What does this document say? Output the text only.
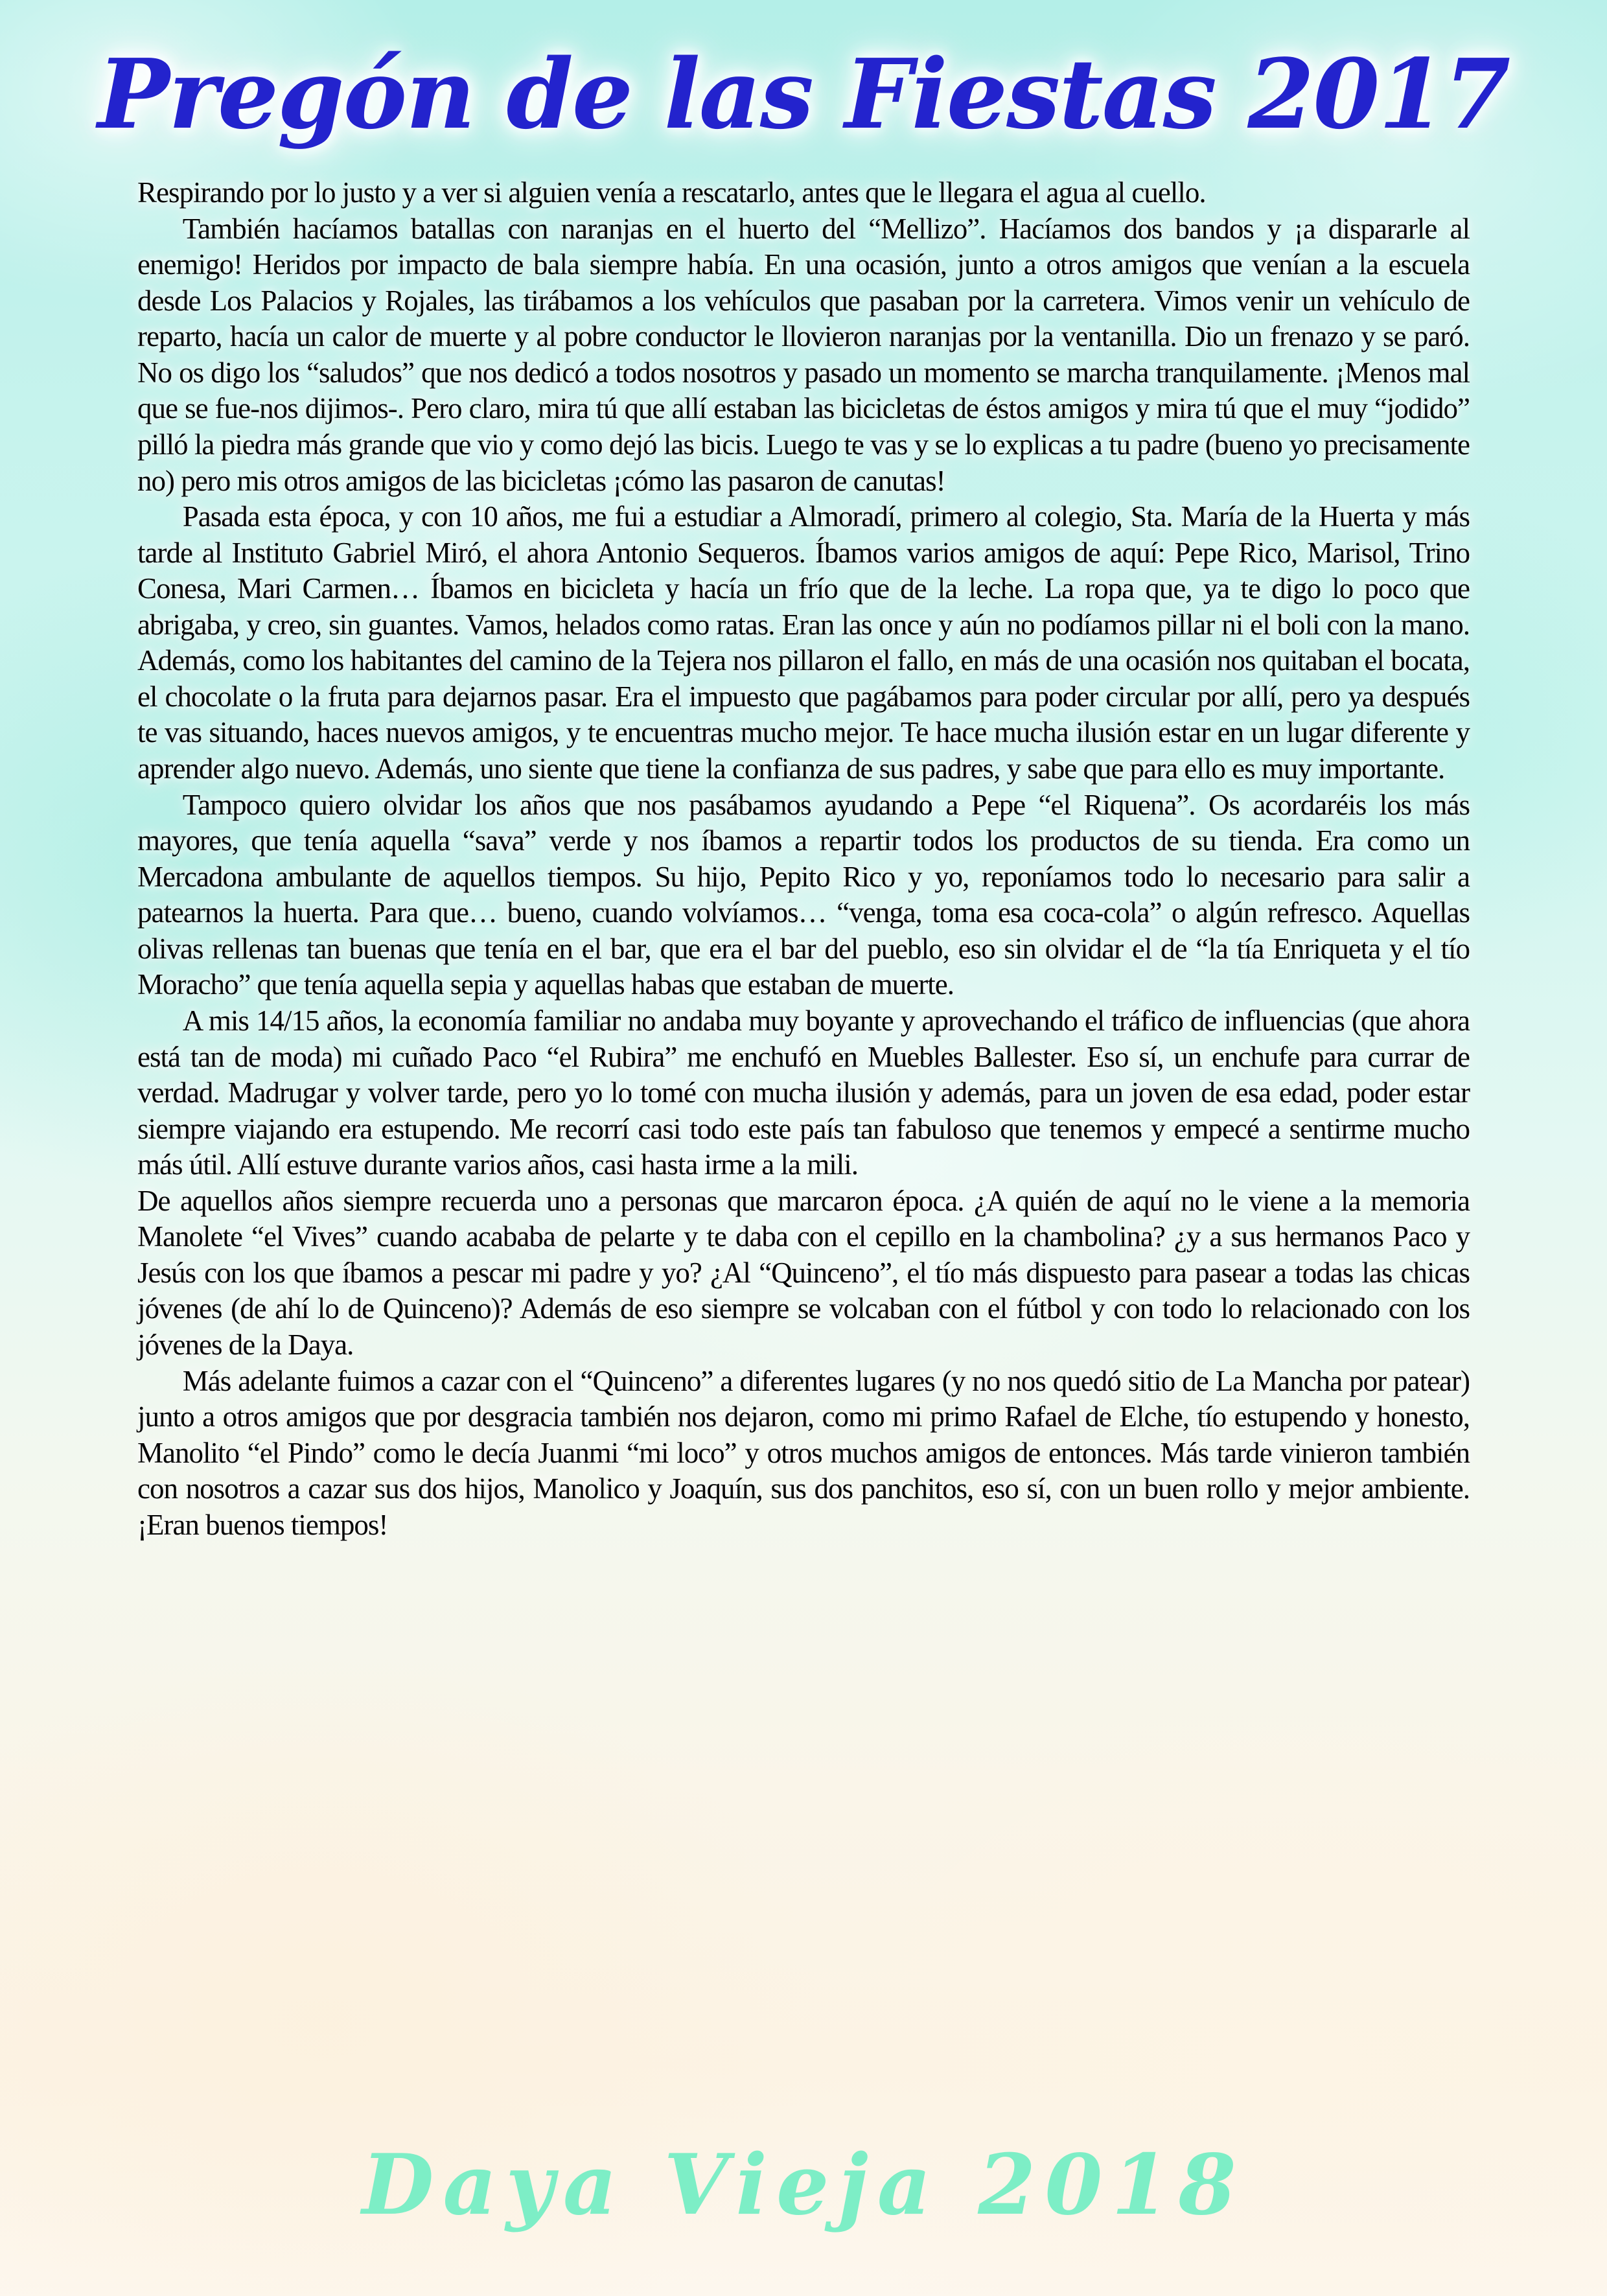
Pregón de las Fiestas 2017

Respirando por lo justo y a ver si alguien venía a rescatarlo, antes que le llegara el agua al cuello.

También hacíamos batallas con naranjas en el huerto del “Mellizo”. Hacíamos dos bandos y ¡a dispararle al enemigo! Heridos por impacto de bala siempre había. En una ocasión, junto a otros amigos que venían a la escuela desde Los Palacios y Rojales, las tirábamos a los vehículos que pasaban por la carretera. Vimos venir un vehículo de reparto, hacía un calor de muerte y al pobre conductor le llovieron naranjas por la ventanilla. Dio un frenazo y se paró. No os digo los “saludos” que nos dedicó a todos nosotros y pasado un momento se marcha tranquilamente. ¡Menos mal que se fue-nos dijimos-. Pero claro, mira tú que allí estaban las bicicletas de éstos amigos y mira tú que el muy “jodido” pilló la piedra más grande que vio y como dejó las bicis. Luego te vas y se lo explicas a tu padre (bueno yo precisamente no) pero mis otros amigos de las bicicletas ¡cómo las pasaron de canutas!

Pasada esta época, y con 10 años, me fui a estudiar a Almoradí, primero al colegio, Sta. María de la Huerta y más tarde al Instituto Gabriel Miró, el ahora Antonio Sequeros. Íbamos varios amigos de aquí: Pepe Rico, Marisol, Trino Conesa, Mari Carmen… Íbamos en bicicleta y hacía un frío que de la leche. La ropa que, ya te digo lo poco que abrigaba, y creo, sin guantes. Vamos, helados como ratas. Eran las once y aún no podíamos pillar ni el boli con la mano. Además, como los habitantes del camino de la Tejera nos pillaron el fallo, en más de una ocasión nos quitaban el bocata, el chocolate o la fruta para dejarnos pasar. Era el impuesto que pagábamos para poder circular por allí, pero ya después te vas situando, haces nuevos amigos, y te encuentras mucho mejor. Te hace mucha ilusión estar en un lugar diferente y aprender algo nuevo. Además, uno siente que tiene la confianza de sus padres, y sabe que para ello es muy importante.

Tampoco quiero olvidar los años que nos pasábamos ayudando a Pepe “el Riquena”. Os acordaréis los más mayores, que tenía aquella “sava” verde y nos íbamos a repartir todos los productos de su tienda. Era como un Mercadona ambulante de aquellos tiempos. Su hijo, Pepito Rico y yo, reponíamos todo lo necesario para salir a patearnos la huerta. Para que… bueno, cuando volvíamos… “venga, toma esa coca-cola” o algún refresco. Aquellas olivas rellenas tan buenas que tenía en el bar, que era el bar del pueblo, eso sin olvidar el de “la tía Enriqueta y el tío Moracho” que tenía aquella sepia y aquellas habas que estaban de muerte.

A mis 14/15 años, la economía familiar no andaba muy boyante y aprovechando el tráfico de influencias (que ahora está tan de moda) mi cuñado Paco “el Rubira” me enchufó en Muebles Ballester. Eso sí, un enchufe para currar de verdad. Madrugar y volver tarde, pero yo lo tomé con mucha ilusión y además, para un joven de esa edad, poder estar siempre viajando era estupendo. Me recorrí casi todo este país tan fabuloso que tenemos y empecé a sentirme mucho más útil. Allí estuve durante varios años, casi hasta irme a la mili.

De aquellos años siempre recuerda uno a personas que marcaron época. ¿A quién de aquí no le viene a la memoria Manolete “el Vives” cuando acababa de pelarte y te daba con el cepillo en la chambolina? ¿y a sus hermanos Paco y Jesús con los que íbamos a pescar mi padre y yo? ¿Al “Quinceno”, el tío más dispuesto para pasear a todas las chicas jóvenes (de ahí lo de Quinceno)? Además de eso siempre se volcaban con el fútbol y con todo lo relacionado con los jóvenes de la Daya.

Más adelante fuimos a cazar con el “Quinceno” a diferentes lugares (y no nos quedó sitio de La Mancha por patear) junto a otros amigos que por desgracia también nos dejaron, como mi primo Rafael de Elche, tío estupendo y honesto, Manolito “el Pindo” como le decía Juanmi “mi loco” y otros muchos amigos de entonces. Más tarde vinieron también con nosotros a cazar sus dos hijos, Manolico y Joaquín, sus dos panchitos, eso sí, con un buen rollo y mejor ambiente. ¡Eran buenos tiempos!

Daya Vieja 2018
